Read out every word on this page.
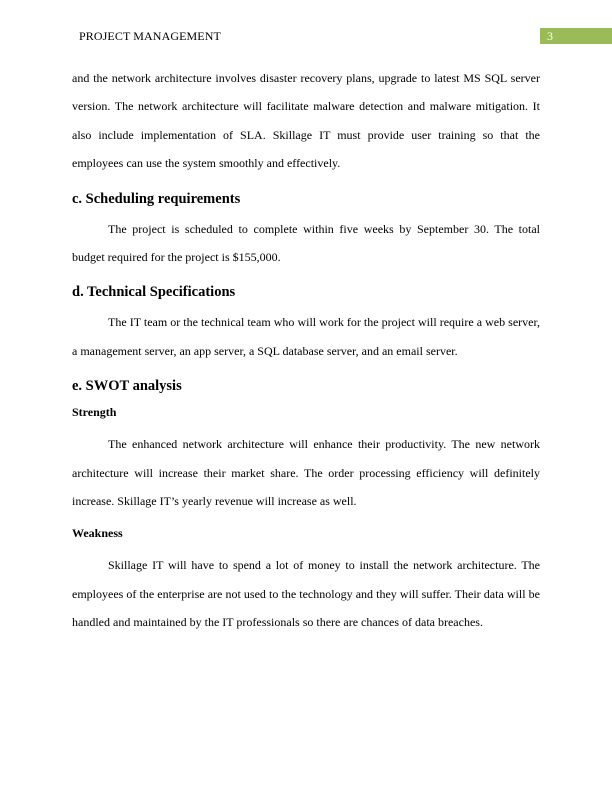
PROJECT MANAGEMENT	3

and the network architecture involves disaster recovery plans, upgrade to latest MS SQL server version. The network architecture will facilitate malware detection and malware mitigation. It also include implementation of SLA. Skillage IT must provide user training so that the employees can use the system smoothly and effectively.

c. Scheduling requirements

The project is scheduled to complete within five weeks by September 30. The total budget required for the project is $155,000.

d. Technical Specifications

The IT team or the technical team who will work for the project will require a web server, a management server, an app server, a SQL database server, and an email server.

e. SWOT analysis
Strength

The enhanced network architecture will enhance their productivity. The new network architecture will increase their market share. The order processing efficiency will definitely increase. Skillage IT’s yearly revenue will increase as well.

Weakness

Skillage IT will have to spend a lot of money to install the network architecture. The employees of the enterprise are not used to the technology and they will suffer. Their data will be handled and maintained by the IT professionals so there are chances of data breaches.
